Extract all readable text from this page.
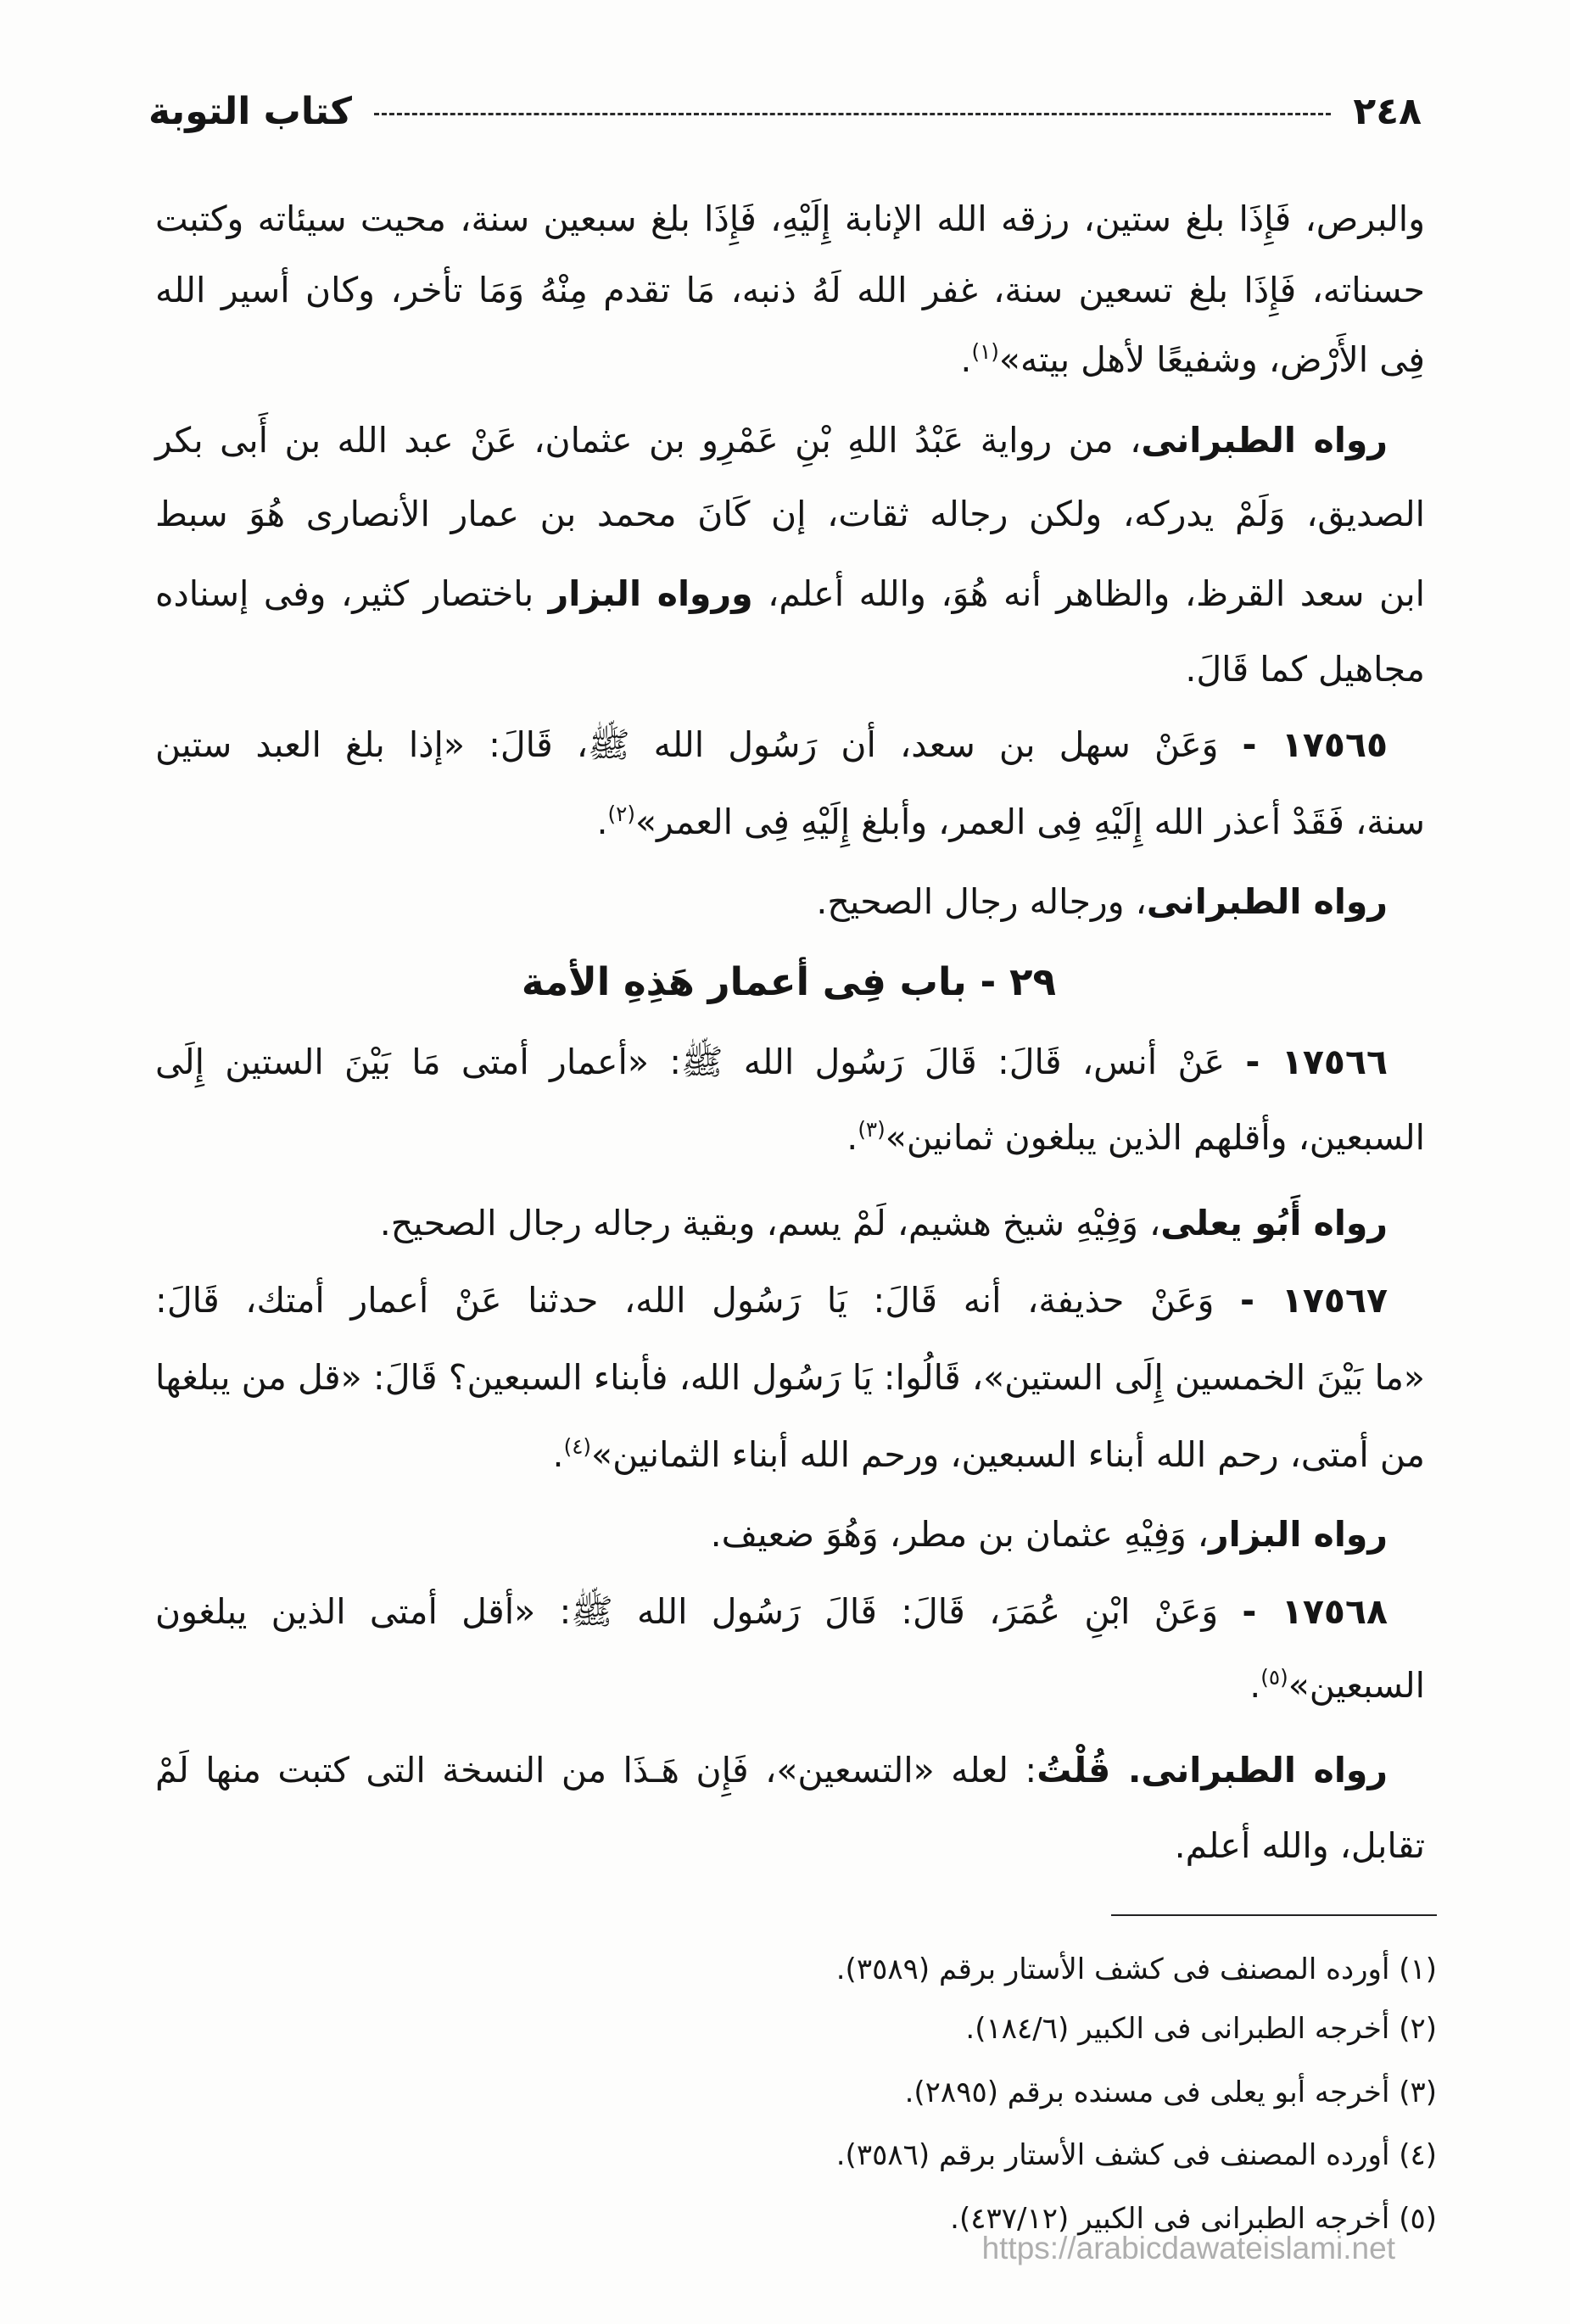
٢٤٨
كتاب التوبة
والبرص، فَإِذَا بلغ ستين، رزقه الله الإنابة إِلَيْهِ، فَإِذَا بلغ سبعين سنة، محيت سيئاته وكتبت
حسناته، فَإِذَا بلغ تسعين سنة، غفر الله لَهُ ذنبه، مَا تقدم مِنْهُ وَمَا تأخر، وكان أسير الله
فِى الأَرْض، وشفيعًا لأهل بيته»$^{(١)}$.
رواه الطبرانى، من رواية عَبْدُ اللهِ بْنِ عَمْرِو بن عثمان، عَنْ عبد الله بن أَبى بكر
الصديق، وَلَمْ يدركه، ولكن رجاله ثقات، إن كَانَ محمد بن عمار الأنصارى هُوَ سبط
ابن سعد القرظ، والظاهر أنه هُوَ، والله أعلم، ورواه البزار باختصار كثير، وفى إسناده
مجاهيل كما قَالَ.
١٧٥٦٥ - وَعَنْ سهل بن سعد، أن رَسُول الله ﷺ، قَالَ: «إذا بلغ العبد ستين
سنة، فَقَدْ أعذر الله إِلَيْهِ فِى العمر، وأبلغ إِلَيْهِ فِى العمر»$^{(٢)}$.
رواه الطبرانى، ورجاله رجال الصحيح.
٢٩ - باب فِى أعمار هَذِهِ الأمة
١٧٥٦٦ - عَنْ أنس، قَالَ: قَالَ رَسُول الله ﷺ: «أعمار أمتى مَا بَيْنَ الستين إِلَى
السبعين، وأقلهم الذين يبلغون ثمانين»$^{(٣)}$.
رواه أَبُو يعلى، وَفِيْهِ شيخ هشيم، لَمْ يسم، وبقية رجاله رجال الصحيح.
١٧٥٦٧ - وَعَنْ حذيفة، أنه قَالَ: يَا رَسُول الله، حدثنا عَنْ أعمار أمتك، قَالَ:
«ما بَيْنَ الخمسين إِلَى الستين»، قَالُوا: يَا رَسُول الله، فأبناء السبعين؟ قَالَ: «قل من يبلغها
من أمتى، رحم الله أبناء السبعين، ورحم الله أبناء الثمانين»$^{(٤)}$.
رواه البزار، وَفِيْهِ عثمان بن مطر، وَهُوَ ضعيف.
١٧٥٦٨ - وَعَنْ ابْنِ عُمَرَ، قَالَ: قَالَ رَسُول الله ﷺ: «أقل أمتى الذين يبلغون
السبعين»$^{(٥)}$.
رواه الطبرانى. قُلْتُ: لعله «التسعين»، فَإِن هَـذَا من النسخة التى كتبت منها لَمْ
تقابل، والله أعلم.
(١) أورده المصنف فى كشف الأستار برقم (٣٥٨٩).
(٢) أخرجه الطبرانى فى الكبير (١٨٤/٦).
(٣) أخرجه أبو يعلى فى مسنده برقم (٢٨٩٥).
(٤) أورده المصنف فى كشف الأستار برقم (٣٥٨٦).
(٥) أخرجه الطبرانى فى الكبير (٤٣٧/١٢).
https://arabicdawateislami.net
